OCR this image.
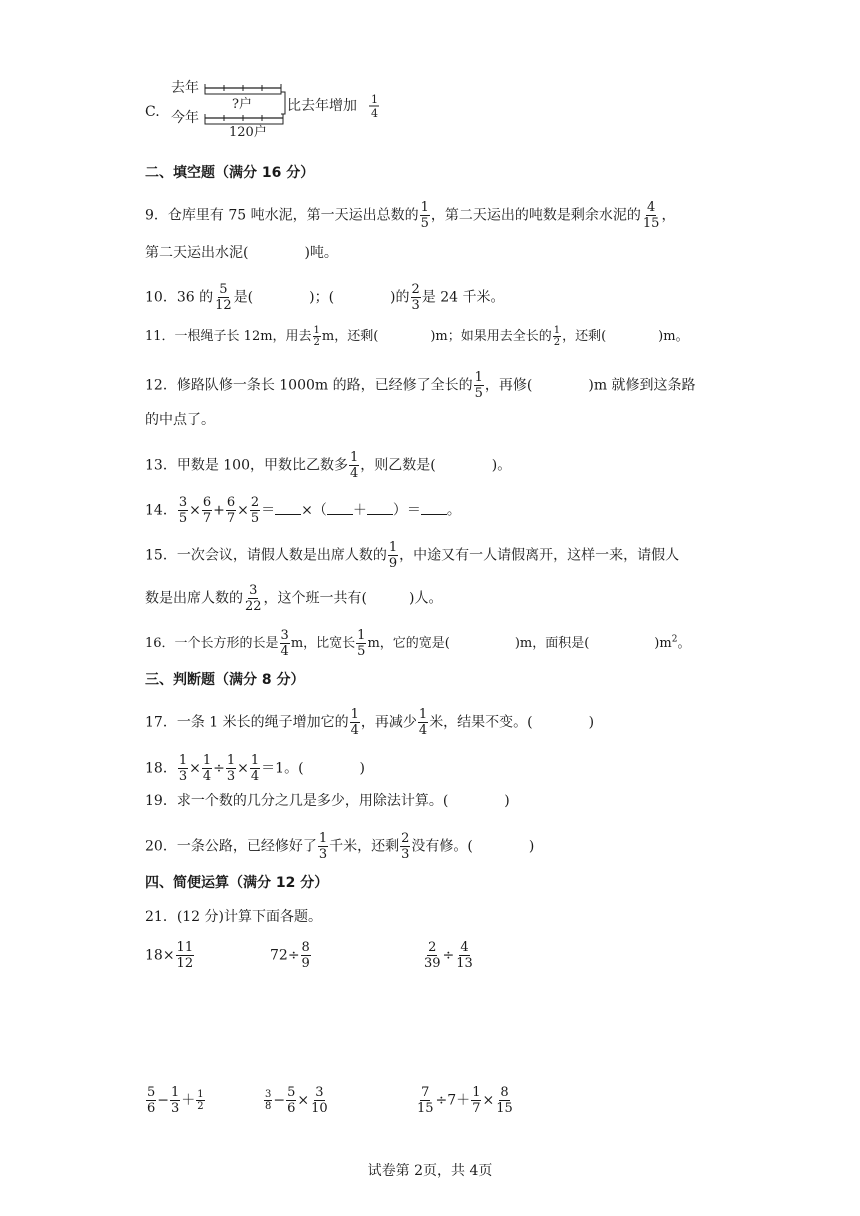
C.
去年
今年
?户
120户
比去年增加 1
4
二、填空题（满分 16 分）
9．仓库里有 75 吨水泥，第一天运出总数的 $\frac{1}{5}$ ，第二天运出的吨数是剩余水泥的 $\frac{4}{15}$ ，
第二天运出水泥(　　　　)吨。
10．36 的 $\frac{5}{12}$ 是(　　　　)；(　　　　)的 $\frac{2}{3}$ 是 24 千米。
11．一根绳子长 12m，用去 $\frac{1}{2}$ m，还剩(　　　　)m；如果用去全长的 $\frac{1}{2}$ ，还剩(　　　　)m。
12．修路队修一条长 1000m 的路，已经修了全长的 $\frac{1}{5}$ ，再修(　　　　)m 就修到这条路
的中点了。
13．甲数是 100，甲数比乙数多 $\frac{1}{4}$ ，则乙数是(　　　　)。
14． $\frac{3}{5} \times \frac{6}{7} + \frac{6}{7} \times \frac{2}{5}$ ＝ ×（ ＋ ）＝ 。
15．一次会议，请假人数是出席人数的 $\frac{1}{9}$ ，中途又有一人请假离开，这样一来，请假人
数是出席人数的 $\frac{3}{22}$ ，这个班一共有(　　　)人。
16．一个长方形的长是 $\frac{3}{4}$ m，比宽长 $\frac{1}{5}$ m，它的宽是(　　　　　)m，面积是(　　　　　)$m^2$。
三、判断题（满分 8 分）
17．一条 1 米长的绳子增加它的 $\frac{1}{4}$ ，再减少 $\frac{1}{4}$ 米，结果不变。(　　　　)
18． $\frac{1}{3} \times \frac{1}{4} \div \frac{1}{3} \times \frac{1}{4} =1$。(　　　　)
19．求一个数的几分之几是多少，用除法计算。(　　　　)
20．一条公路，已经修好了 $\frac{1}{3}$ 千米，还剩 $\frac{2}{3}$ 没有修。(　　　　)
四、简便运算（满分 12 分）
21．(12 分)计算下面各题。
$18\times \frac{11}{12}$	$72\div \frac{8}{9}$	$\frac{2}{39} \div \frac{4}{13}$
$\frac{5}{6} - \frac{1}{3} + \frac{1}{2}$	$\frac{3}{8} - \frac{5}{6} \times \frac{3}{10}$	$\frac{7}{15} \div 7+ \frac{1}{7} \times \frac{8}{15}$
试卷第 2页，共 4页
